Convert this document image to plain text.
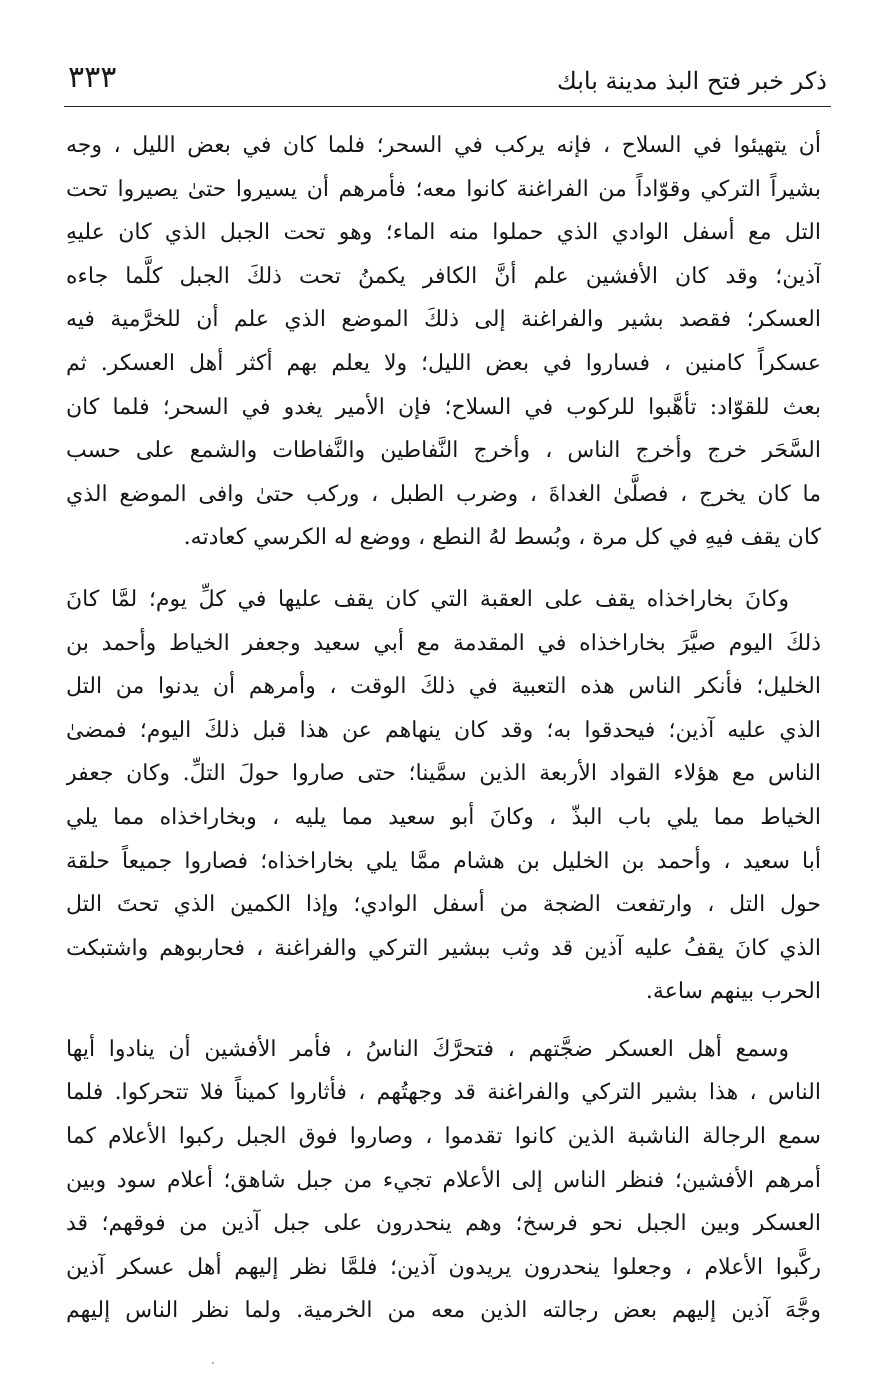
٣٣٣	ذكر خبر فتح البذ مدينة بابك
أن يتهيئوا في السلاح ، فإنه يركب في السحر؛ فلما كان في بعض الليل ، وجه
بشيراً التركي وقوّاداً من الفراغنة كانوا معه؛ فأمرهم أن يسيروا حتىٰ يصيروا تحت
التل مع أسفل الوادي الذي حملوا منه الماء؛ وهو تحت الجبل الذي كان عليهِ
آذين؛ وقد كان الأفشين علم أنَّ الكافر يكمنُ تحت ذلكَ الجبل كلَّما جاءه
العسكر؛ فقصد بشير والفراغنة إلى ذلكَ الموضع الذي علم أن للخرَّمية فيه
عسكراً كامنين ، فساروا في بعض الليل؛ ولا يعلم بهم أكثر أهل العسكر. ثم
بعث للقوّاد: تأهَّبوا للركوب في السلاح؛ فإن الأمير يغدو في السحر؛ فلما كان
السَّحَر خرج وأخرج الناس ، وأخرج النَّفاطين والنَّفاطات والشمع على حسب
ما كان يخرج ، فصلَّىٰ الغداةَ ، وضرب الطبل ، وركب حتىٰ وافى الموضع الذي
كان يقف فيهِ في كل مرة ، وبُسط لهُ النطع ، ووضع له الكرسي كعادته.
وكانَ بخاراخذاه يقف على العقبة التي كان يقف عليها في كلِّ يوم؛ لمَّا كانَ
ذلكَ اليوم صيَّرَ بخاراخذاه في المقدمة مع أبي سعيد وجعفر الخياط وأحمد بن
الخليل؛ فأنكر الناس هذه التعبية في ذلكَ الوقت ، وأمرهم أن يدنوا من التل
الذي عليه آذين؛ فيحدقوا به؛ وقد كان ينهاهم عن هذا قبل ذلكَ اليوم؛ فمضىٰ
الناس مع هؤلاء القواد الأربعة الذين سمَّينا؛ حتى صاروا حولَ التلِّ. وكان جعفر
الخياط مما يلي باب البذّ ، وكانَ أبو سعيد مما يليه ، وبخاراخذاه مما يلي
أبا سعيد ، وأحمد بن الخليل بن هشام ممَّا يلي بخاراخذاه؛ فصاروا جميعاً حلقة
حول التل ، وارتفعت الضجة من أسفل الوادي؛ وإذا الكمين الذي تحتَ التل
الذي كانَ يقفُ عليه آذين قد وثب ببشير التركي والفراغنة ، فحاربوهم واشتبكت
الحرب بينهم ساعة.
وسمع أهل العسكر ضجَّتهم ، فتحرَّكَ الناسُ ، فأمر الأفشين أن ينادوا أيها
الناس ، هذا بشير التركي والفراغنة قد وجهتُهم ، فأثاروا كميناً فلا تتحركوا. فلما
سمع الرجالة الناشبة الذين كانوا تقدموا ، وصاروا فوق الجبل ركبوا الأعلام كما
أمرهم الأفشين؛ فنظر الناس إلى الأعلام تجيء من جبل شاهق؛ أعلام سود وبين
العسكر وبين الجبل نحو فرسخ؛ وهم ينحدرون على جبل آذين من فوقهم؛ قد
ركَّبوا الأعلام ، وجعلوا ينحدرون يريدون آذين؛ فلمَّا نظر إليهم أهل عسكر آذين
وجَّهَ آذين إليهم بعض رجالته الذين معه من الخرمية. ولما نظر الناس إليهم
